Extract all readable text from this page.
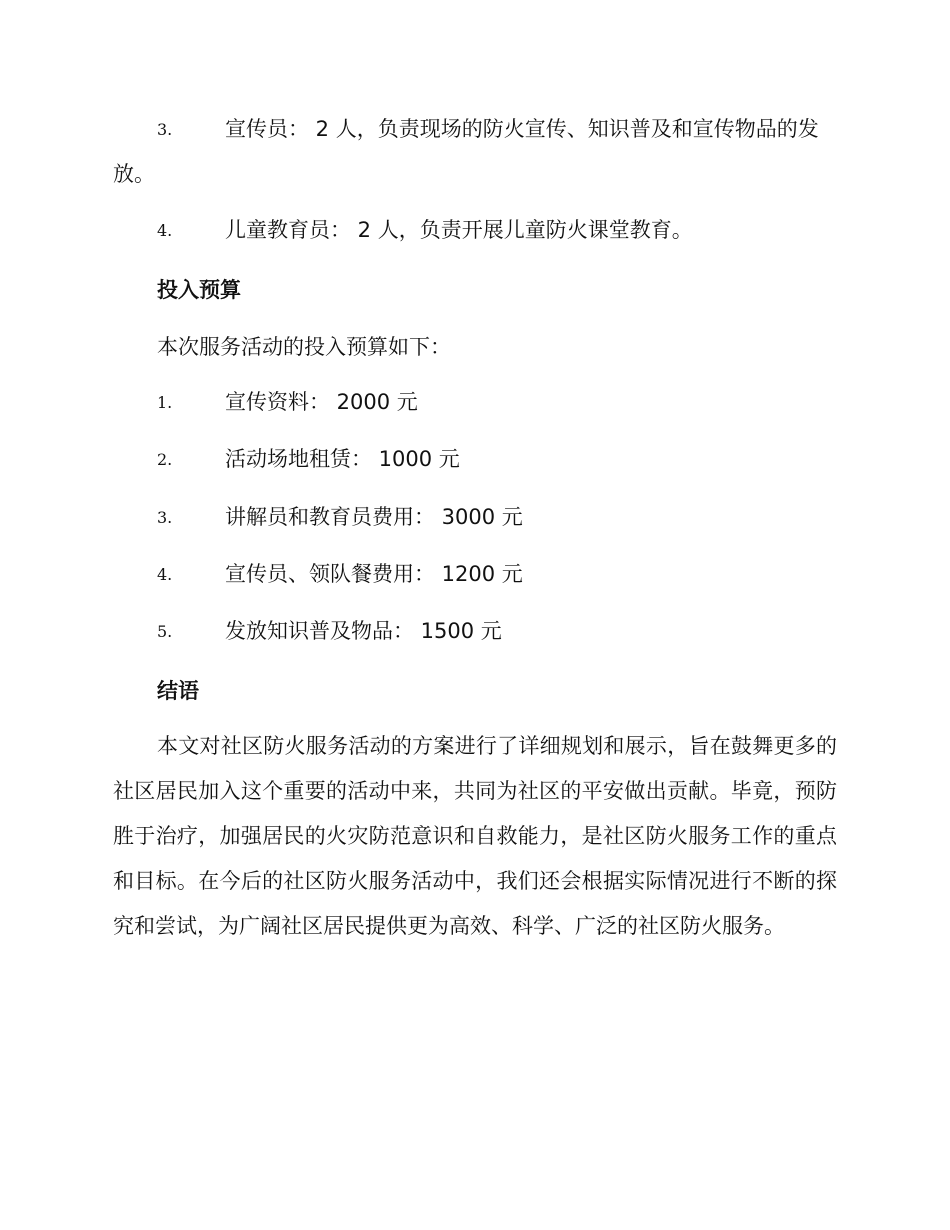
3.	宣传员： 2 人，负责现场的防火宣传、知识普及和宣传物品的发放。
4.	儿童教育员： 2 人，负责开展儿童防火课堂教育。
投入预算
本次服务活动的投入预算如下：
1.	宣传资料： 2000 元
2.	活动场地租赁： 1000 元
3.	讲解员和教育员费用： 3000 元
4.	宣传员、领队餐费用： 1200 元
5.	发放知识普及物品： 1500 元
结语
本文对社区防火服务活动的方案进行了详细规划和展示，旨在鼓舞更多的社区居民加入这个重要的活动中来，共同为社区的平安做出贡献。毕竟，预防胜于治疗，加强居民的火灾防范意识和自救能力，是社区防火服务工作的重点和目标。在今后的社区防火服务活动中，我们还会根据实际情况进行不断的探究和尝试，为广阔社区居民提供更为高效、科学、广泛的社区防火服务。
